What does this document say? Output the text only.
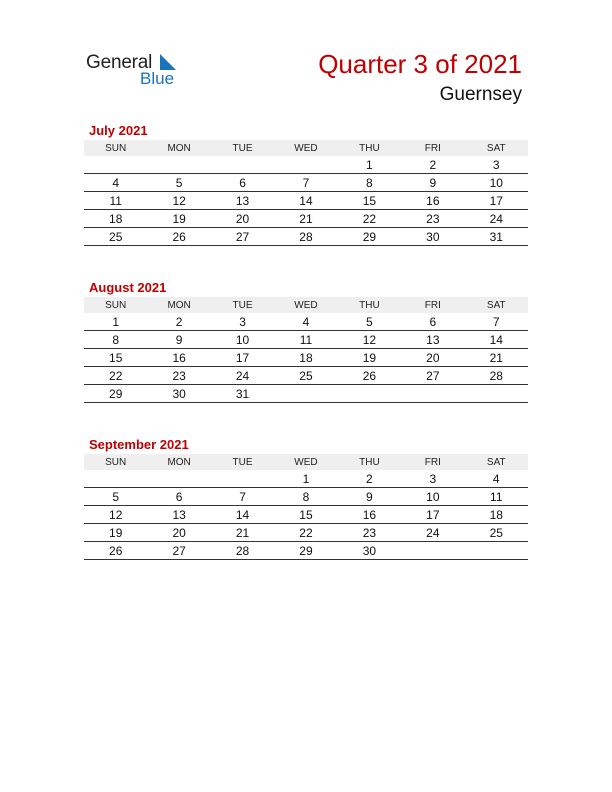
General
Blue	Quarter 3 of 2021
Guernsey
July 2021
SUN	MON	TUE	WED	THU	FRI	SAT
				1	2	3
4	5	6	7	8	9	10
11	12	13	14	15	16	17
18	19	20	21	22	23	24
25	26	27	28	29	30	31
August 2021
SUN	MON	TUE	WED	THU	FRI	SAT
1	2	3	4	5	6	7
8	9	10	11	12	13	14
15	16	17	18	19	20	21
22	23	24	25	26	27	28
29	30	31				
September 2021
SUN	MON	TUE	WED	THU	FRI	SAT
			1	2	3	4
5	6	7	8	9	10	11
12	13	14	15	16	17	18
19	20	21	22	23	24	25
26	27	28	29	30		
